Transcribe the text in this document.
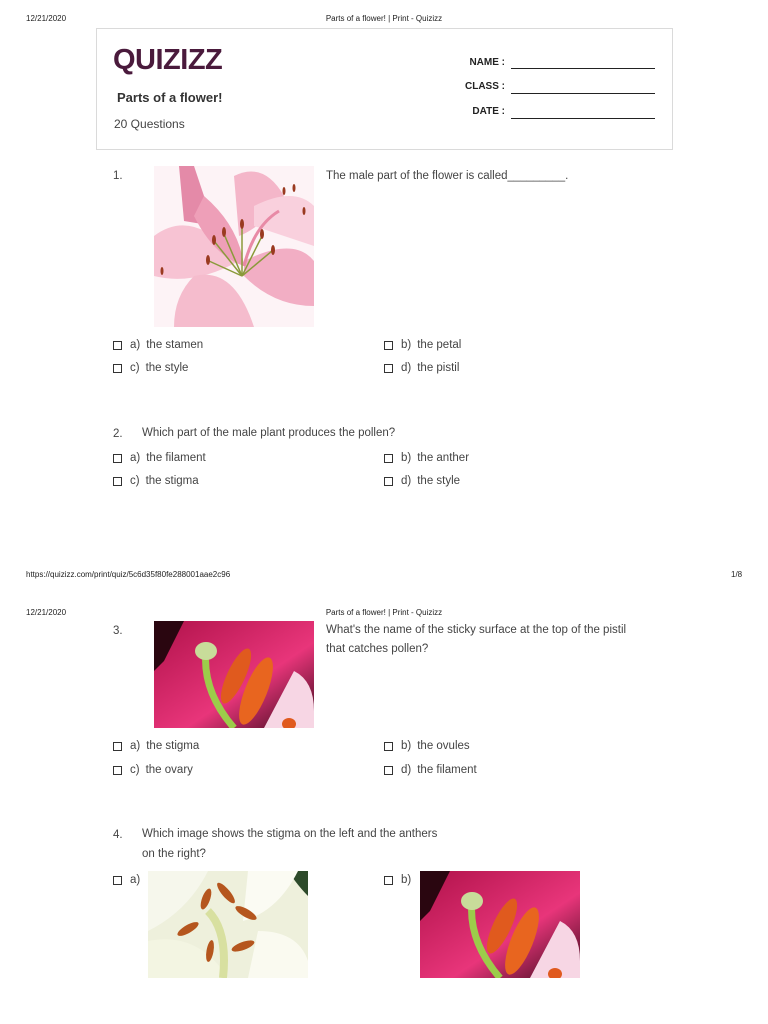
12/21/2020	Parts of a flower! | Print - Quizizz
QUIZIZZ
Parts of a flower!
20 Questions
NAME :
CLASS :
DATE :
1.	The male part of the flower is called_________.
a) the stamen	b) the petal
c) the style	d) the pistil
2. Which part of the male plant produces the pollen?
a) the filament	b) the anther
c) the stigma	d) the style
https://quizizz.com/print/quiz/5c6d35f80fe288001aae2c96	1/8
12/21/2020	Parts of a flower! | Print - Quizizz
3.	What's the name of the sticky surface at the top of the pistil
that catches pollen?
a) the stigma	b) the ovules
c) the ovary	d) the filament
4. Which image shows the stigma on the left and the anthers
on the right?
a)	b)
